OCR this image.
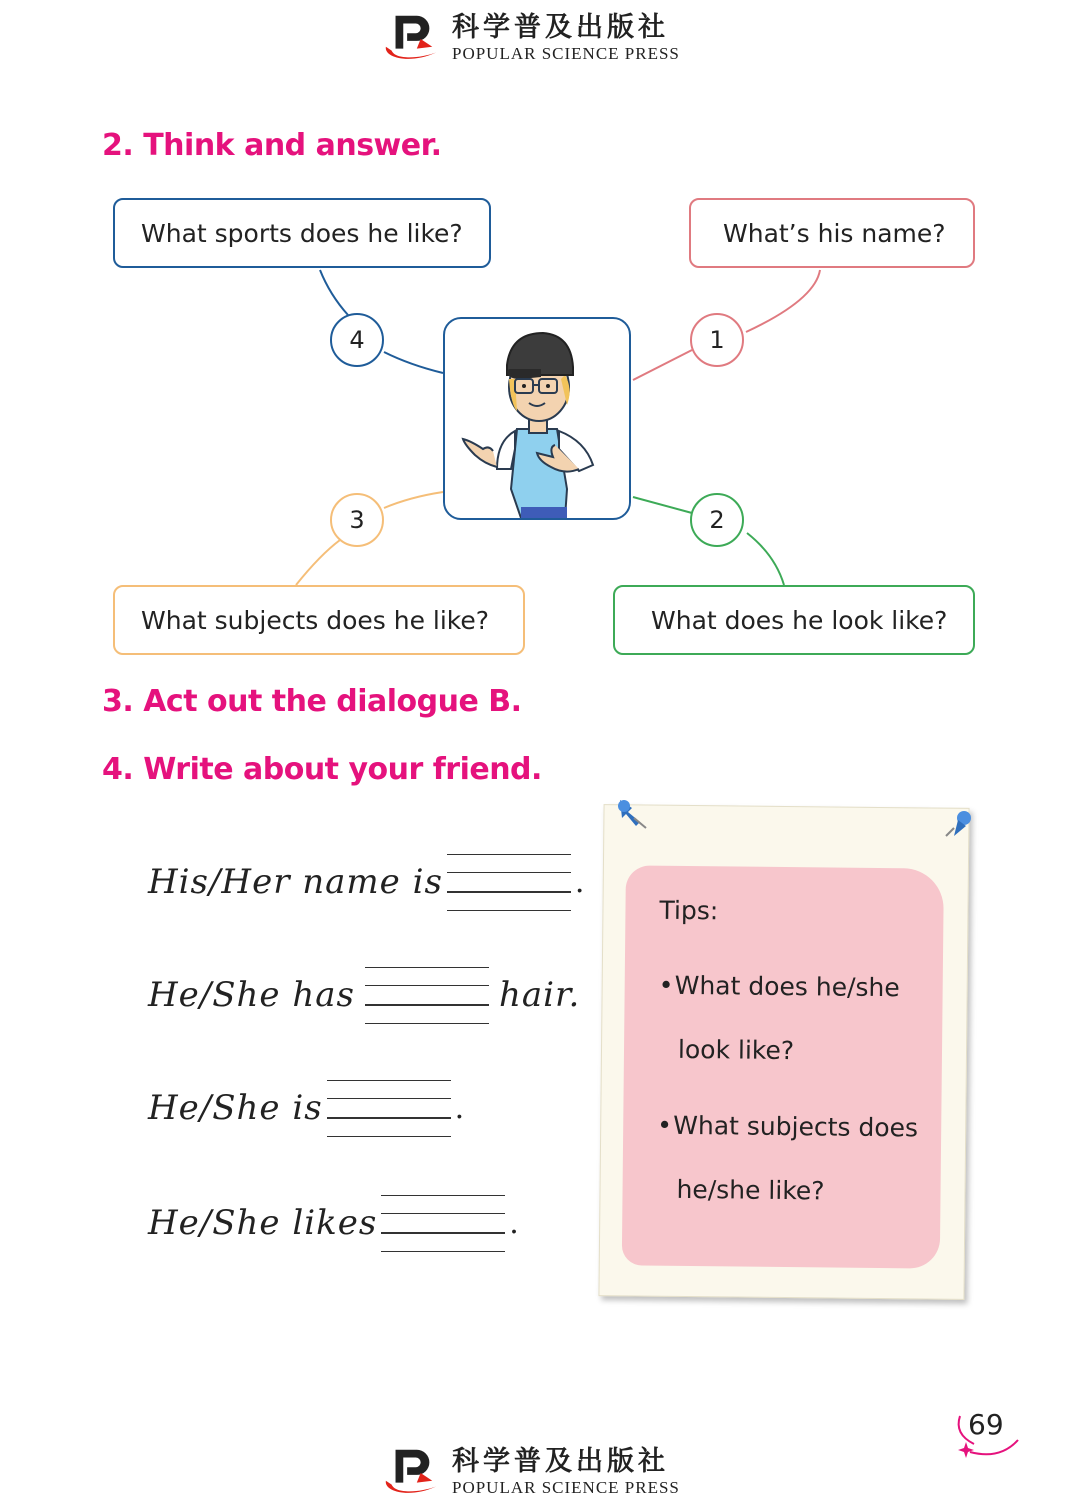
科学普及出版社
POPULAR SCIENCE PRESS
2. Think and answer.
What sports does he like?	What’s his name?
What subjects does he like?	What does he look like?
4	1
3	2
3. Act out the dialogue B.
4. Write about your friend.
His/Her name is	.
He/She has	hair.
He/She is	.
He/She likes	.

Tips:

•What does he/she
look like?
•What subjects does
he/she like?
69
科学普及出版社
POPULAR SCIENCE PRESS
